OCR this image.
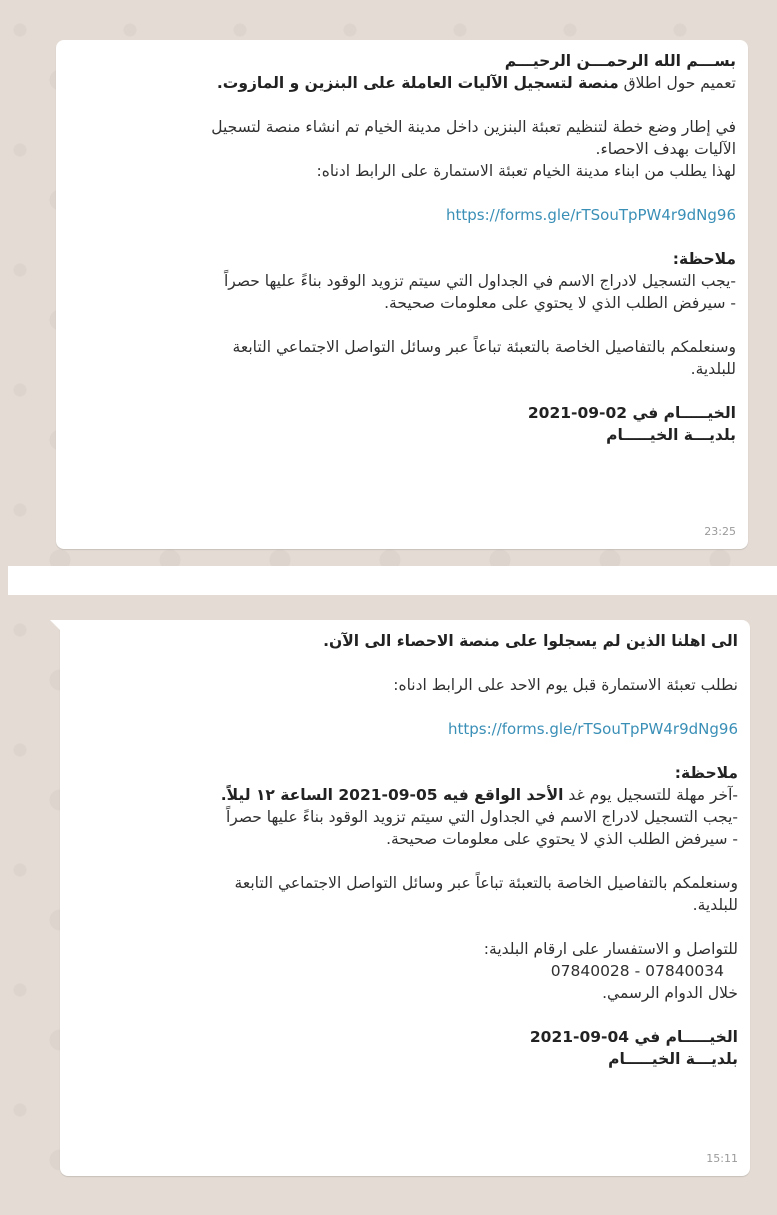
بســـم الله الرحمـــن الرحيـــم
تعميم حول اطلاق منصة لتسجيل الآليات العاملة على البنزين و المازوت.
في إطار وضع خطة لتنظيم تعبئة البنزين داخل مدينة الخيام تم انشاء منصة لتسجيل
الآليات بهدف الاحصاء.
لهذا يطلب من ابناء مدينة الخيام تعبئة الاستمارة على الرابط ادناه:
https://forms.gle/rTSouTpPW4r9dNg96
ملاحظة:
-يجب التسجيل لادراج الاسم في الجداول التي سيتم تزويد الوقود بناءً عليها حصراً
- سيرفض الطلب الذي لا يحتوي على معلومات صحيحة.
وسنعلمكم بالتفاصيل الخاصة بالتعبئة تباعاً عبر وسائل التواصل الاجتماعي التابعة
للبلدية.
الخيـــــام في 02-09-2021
بلديـــة الخيـــــام
23:25
الى اهلنا الذين لم يسجلوا على منصة الاحصاء الى الآن.
نطلب تعبئة الاستمارة قبل يوم الاحد على الرابط ادناه:
https://forms.gle/rTSouTpPW4r9dNg96
ملاحظة:
-آخر مهلة للتسجيل يوم غد الأحد الواقع فيه 05-09-2021 الساعة ١٢ ليلاً.
-يجب التسجيل لادراج الاسم في الجداول التي سيتم تزويد الوقود بناءً عليها حصراً
- سيرفض الطلب الذي لا يحتوي على معلومات صحيحة.
وسنعلمكم بالتفاصيل الخاصة بالتعبئة تباعاً عبر وسائل التواصل الاجتماعي التابعة
للبلدية.
للتواصل و الاستفسار على ارقام البلدية:
07840028 - 07840034
خلال الدوام الرسمي.
الخيـــــام في 04-09-2021
بلديـــة الخيـــــام
15:11
